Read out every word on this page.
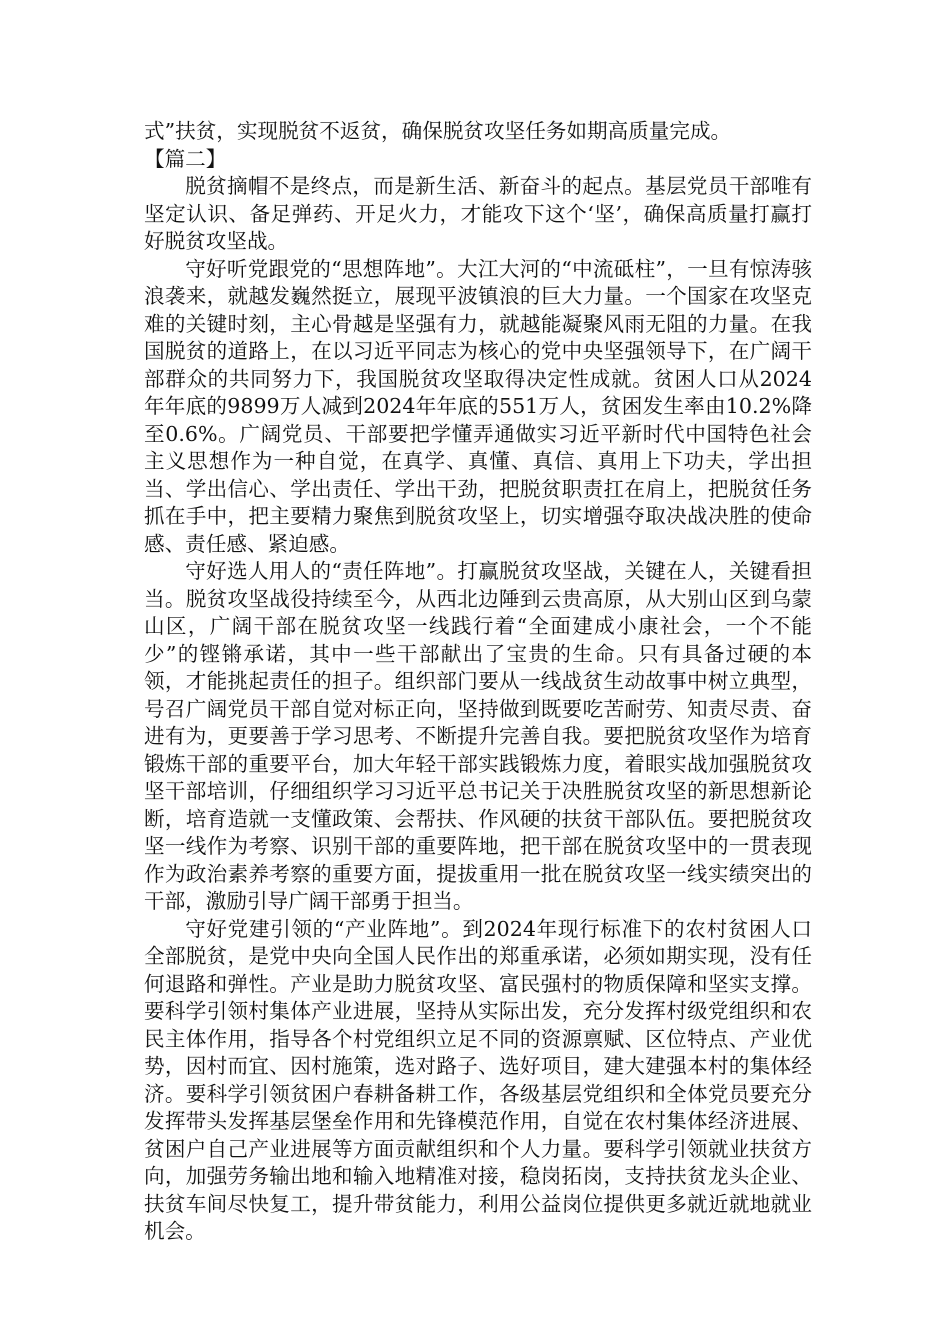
式”扶贫，实现脱贫不返贫，确保脱贫攻坚任务如期高质量完成。

【篇二】

脱贫摘帽不是终点，而是新生活、新奋斗的起点。基层党员干部唯有坚定认识、备足弹药、开足火力，才能攻下这个‘坚’，确保高质量打赢打好脱贫攻坚战。

守好听党跟党的“思想阵地”。大江大河的“中流砥柱”，一旦有惊涛骇浪袭来，就越发巍然挺立，展现平波镇浪的巨大力量。一个国家在攻坚克难的关键时刻，主心骨越是坚强有力，就越能凝聚风雨无阻的力量。在我国脱贫的道路上，在以习近平同志为核心的党中央坚强领导下，在广阔干部群众的共同努力下，我国脱贫攻坚取得决定性成就。贫困人口从2024年年底的9899万人减到2024年年底的551万人，贫困发生率由10.2%降至0.6%。广阔党员、干部要把学懂弄通做实习近平新时代中国特色社会主义思想作为一种自觉，在真学、真懂、真信、真用上下功夫，学出担当、学出信心、学出责任、学出干劲，把脱贫职责扛在肩上，把脱贫任务抓在手中，把主要精力聚焦到脱贫攻坚上，切实增强夺取决战决胜的使命感、责任感、紧迫感。

守好选人用人的“责任阵地”。打赢脱贫攻坚战，关键在人，关键看担当。脱贫攻坚战役持续至今，从西北边陲到云贵高原，从大别山区到乌蒙山区，广阔干部在脱贫攻坚一线践行着“全面建成小康社会，一个不能少”的铿锵承诺，其中一些干部献出了宝贵的生命。只有具备过硬的本领，才能挑起责任的担子。组织部门要从一线战贫生动故事中树立典型，号召广阔党员干部自觉对标正向，坚持做到既要吃苦耐劳、知责尽责、奋进有为，更要善于学习思考、不断提升完善自我。要把脱贫攻坚作为培育锻炼干部的重要平台，加大年轻干部实践锻炼力度，着眼实战加强脱贫攻坚干部培训，仔细组织学习习近平总书记关于决胜脱贫攻坚的新思想新论断，培育造就一支懂政策、会帮扶、作风硬的扶贫干部队伍。要把脱贫攻坚一线作为考察、识别干部的重要阵地，把干部在脱贫攻坚中的一贯表现作为政治素养考察的重要方面，提拔重用一批在脱贫攻坚一线实绩突出的干部，激励引导广阔干部勇于担当。

守好党建引领的“产业阵地”。到2024年现行标准下的农村贫困人口全部脱贫，是党中央向全国人民作出的郑重承诺，必须如期实现，没有任何退路和弹性。产业是助力脱贫攻坚、富民强村的物质保障和坚实支撑。要科学引领村集体产业进展，坚持从实际出发，充分发挥村级党组织和农民主体作用，指导各个村党组织立足不同的资源禀赋、区位特点、产业优势，因村而宜、因村施策，选对路子、选好项目，建大建强本村的集体经济。要科学引领贫困户春耕备耕工作，各级基层党组织和全体党员要充分发挥带头发挥基层堡垒作用和先锋模范作用，自觉在农村集体经济进展、贫困户自己产业进展等方面贡献组织和个人力量。要科学引领就业扶贫方向，加强劳务输出地和输入地精准对接，稳岗拓岗，支持扶贫龙头企业、扶贫车间尽快复工，提升带贫能力，利用公益岗位提供更多就近就地就业机会。
